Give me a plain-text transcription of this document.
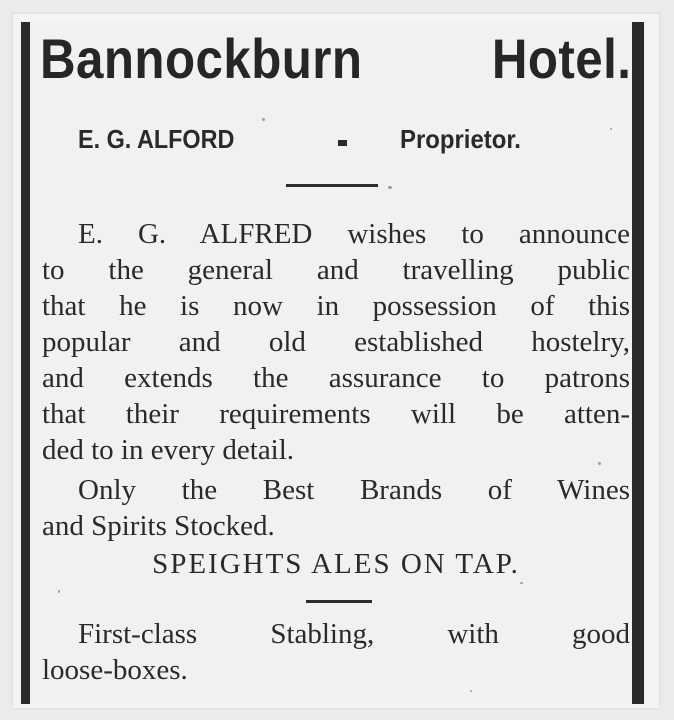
Bannockburn Hotel.
E. G. ALFORD	Proprietor.
E. G. ALFRED wishes to announce
to the general and travelling public
that he is now in possession of this
popular and old established hostelry,
and extends the assurance to patrons
that their requirements will be atten-
ded to in every detail.
Only the Best Brands of Wines
and Spirits Stocked.
SPEIGHTS ALES ON TAP.
First-class Stabling, with good
loose-boxes.
